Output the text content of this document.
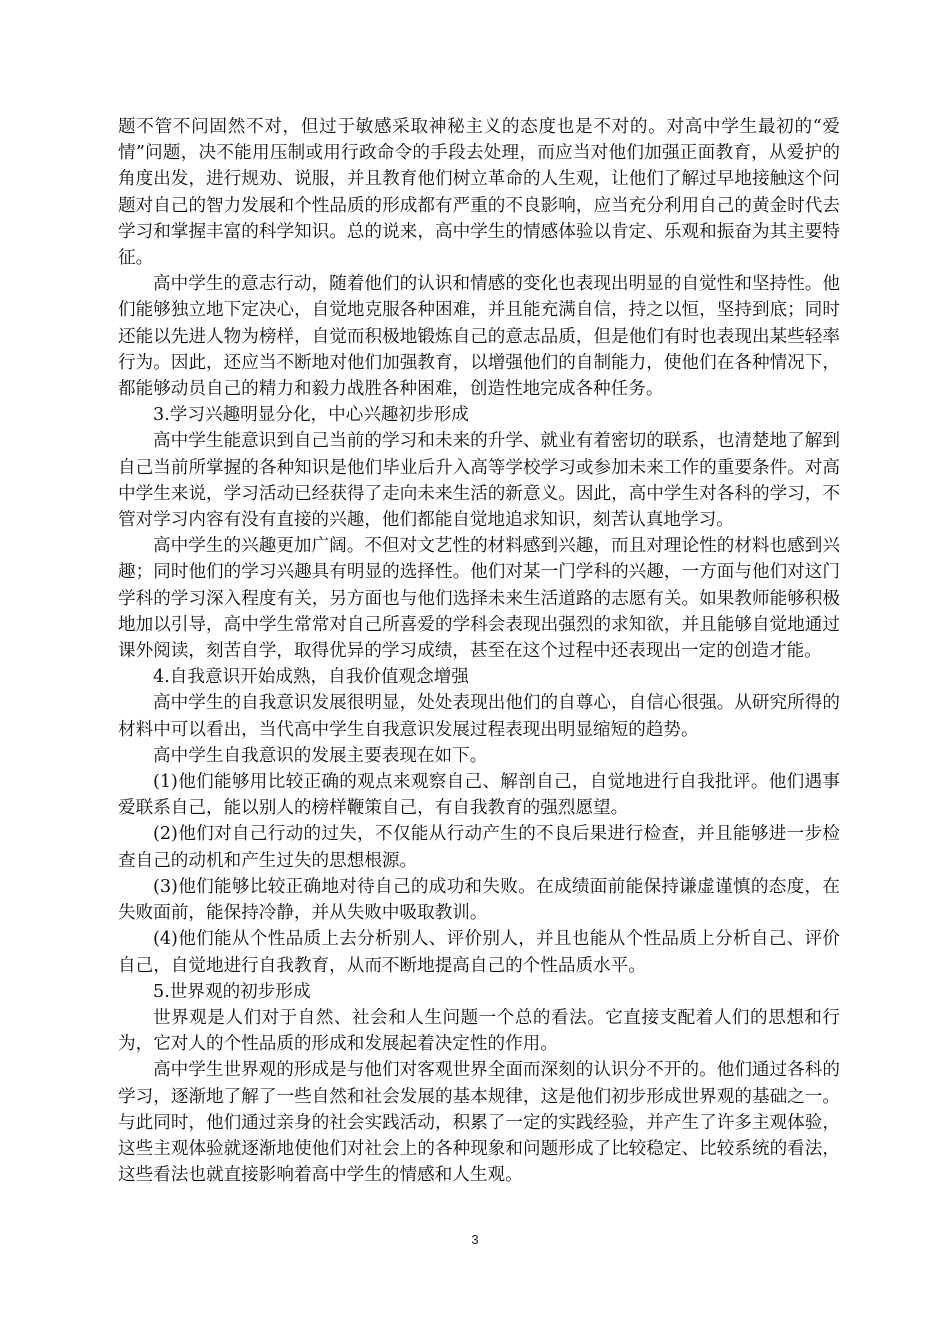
题不管不问固然不对，但过于敏感采取神秘主义的态度也是不对的。对高中学生最初的“爱情”问题，决不能用压制或用行政命令的手段去处理，而应当对他们加强正面教育，从爱护的角度出发，进行规劝、说服，并且教育他们树立革命的人生观，让他们了解过早地接触这个问题对自己的智力发展和个性品质的形成都有严重的不良影响，应当充分利用自己的黄金时代去学习和掌握丰富的科学知识。总的说来，高中学生的情感体验以肯定、乐观和振奋为其主要特征。

高中学生的意志行动，随着他们的认识和情感的变化也表现出明显的自觉性和坚持性。他们能够独立地下定决心，自觉地克服各种困难，并且能充满自信，持之以恒，坚持到底；同时还能以先进人物为榜样，自觉而积极地锻炼自己的意志品质，但是他们有时也表现出某些轻率行为。因此，还应当不断地对他们加强教育，以增强他们的自制能力，使他们在各种情况下，都能够动员自己的精力和毅力战胜各种困难，创造性地完成各种任务。

3.学习兴趣明显分化，中心兴趣初步形成

高中学生能意识到自己当前的学习和未来的升学、就业有着密切的联系，也清楚地了解到自己当前所掌握的各种知识是他们毕业后升入高等学校学习或参加未来工作的重要条件。对高中学生来说，学习活动已经获得了走向未来生活的新意义。因此，高中学生对各科的学习，不管对学习内容有没有直接的兴趣，他们都能自觉地追求知识，刻苦认真地学习。

高中学生的兴趣更加广阔。不但对文艺性的材料感到兴趣，而且对理论性的材料也感到兴趣；同时他们的学习兴趣具有明显的选择性。他们对某一门学科的兴趣，一方面与他们对这门学科的学习深入程度有关，另方面也与他们选择未来生活道路的志愿有关。如果教师能够积极地加以引导，高中学生常常对自己所喜爱的学科会表现出强烈的求知欲，并且能够自觉地通过课外阅读，刻苦自学，取得优异的学习成绩，甚至在这个过程中还表现出一定的创造才能。

4.自我意识开始成熟，自我价值观念增强

高中学生的自我意识发展很明显，处处表现出他们的自尊心，自信心很强。从研究所得的材料中可以看出，当代高中学生自我意识发展过程表现出明显缩短的趋势。

高中学生自我意识的发展主要表现在如下。

(1)他们能够用比较正确的观点来观察自己、解剖自己，自觉地进行自我批评。他们遇事爱联系自己，能以别人的榜样鞭策自己，有自我教育的强烈愿望。

(2)他们对自己行动的过失，不仅能从行动产生的不良后果进行检查，并且能够进一步检查自己的动机和产生过失的思想根源。

(3)他们能够比较正确地对待自己的成功和失败。在成绩面前能保持谦虚谨慎的态度，在失败面前，能保持冷静，并从失败中吸取教训。

(4)他们能从个性品质上去分析别人、评价别人，并且也能从个性品质上分析自己、评价自己，自觉地进行自我教育，从而不断地提高自己的个性品质水平。

5.世界观的初步形成

世界观是人们对于自然、社会和人生问题一个总的看法。它直接支配着人们的思想和行为，它对人的个性品质的形成和发展起着决定性的作用。

高中学生世界观的形成是与他们对客观世界全面而深刻的认识分不开的。他们通过各科的学习，逐渐地了解了一些自然和社会发展的基本规律，这是他们初步形成世界观的基础之一。与此同时，他们通过亲身的社会实践活动，积累了一定的实践经验，并产生了许多主观体验，这些主观体验就逐渐地使他们对社会上的各种现象和问题形成了比较稳定、比较系统的看法，这些看法也就直接影响着高中学生的情感和人生观。

3
